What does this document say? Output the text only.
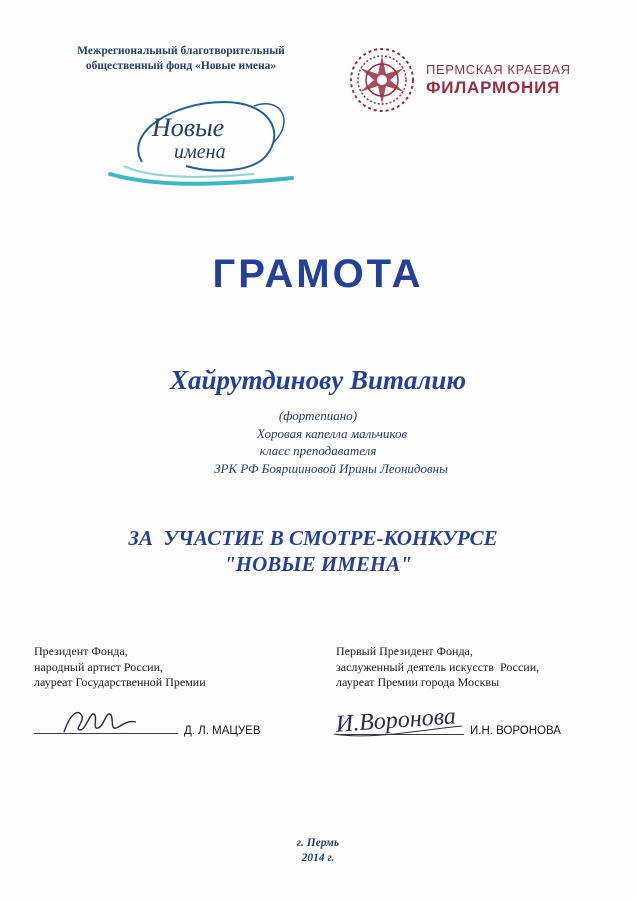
Межрегиональный благотворительный
общественный фонд «Новые имена»
Новые
имена
ПЕРМСКАЯ КРАЕВАЯ
ФИЛАРМОНИЯ
ГРАМОТА
Хайрутдинову Виталию
(фортепиано)
Хоровая капелла мальчиков
класс преподавателя
ЗРК РФ Бояршиновой Ирины Леонидовны
ЗА  УЧАСТИЕ В СМОТРЕ-КОНКУРСЕ
"НОВЫЕ ИМЕНА"
Президент Фонда,
народный артист России,
лауреат Государственной Премии
Д. Л. МАЦУЕВ
Первый Президент Фонда,
заслуженный деятель искусств  России,
лауреат Премии города Москвы
И.Воронова И.Н. ВОРОНОВА
г. Пермь
2014 г.
